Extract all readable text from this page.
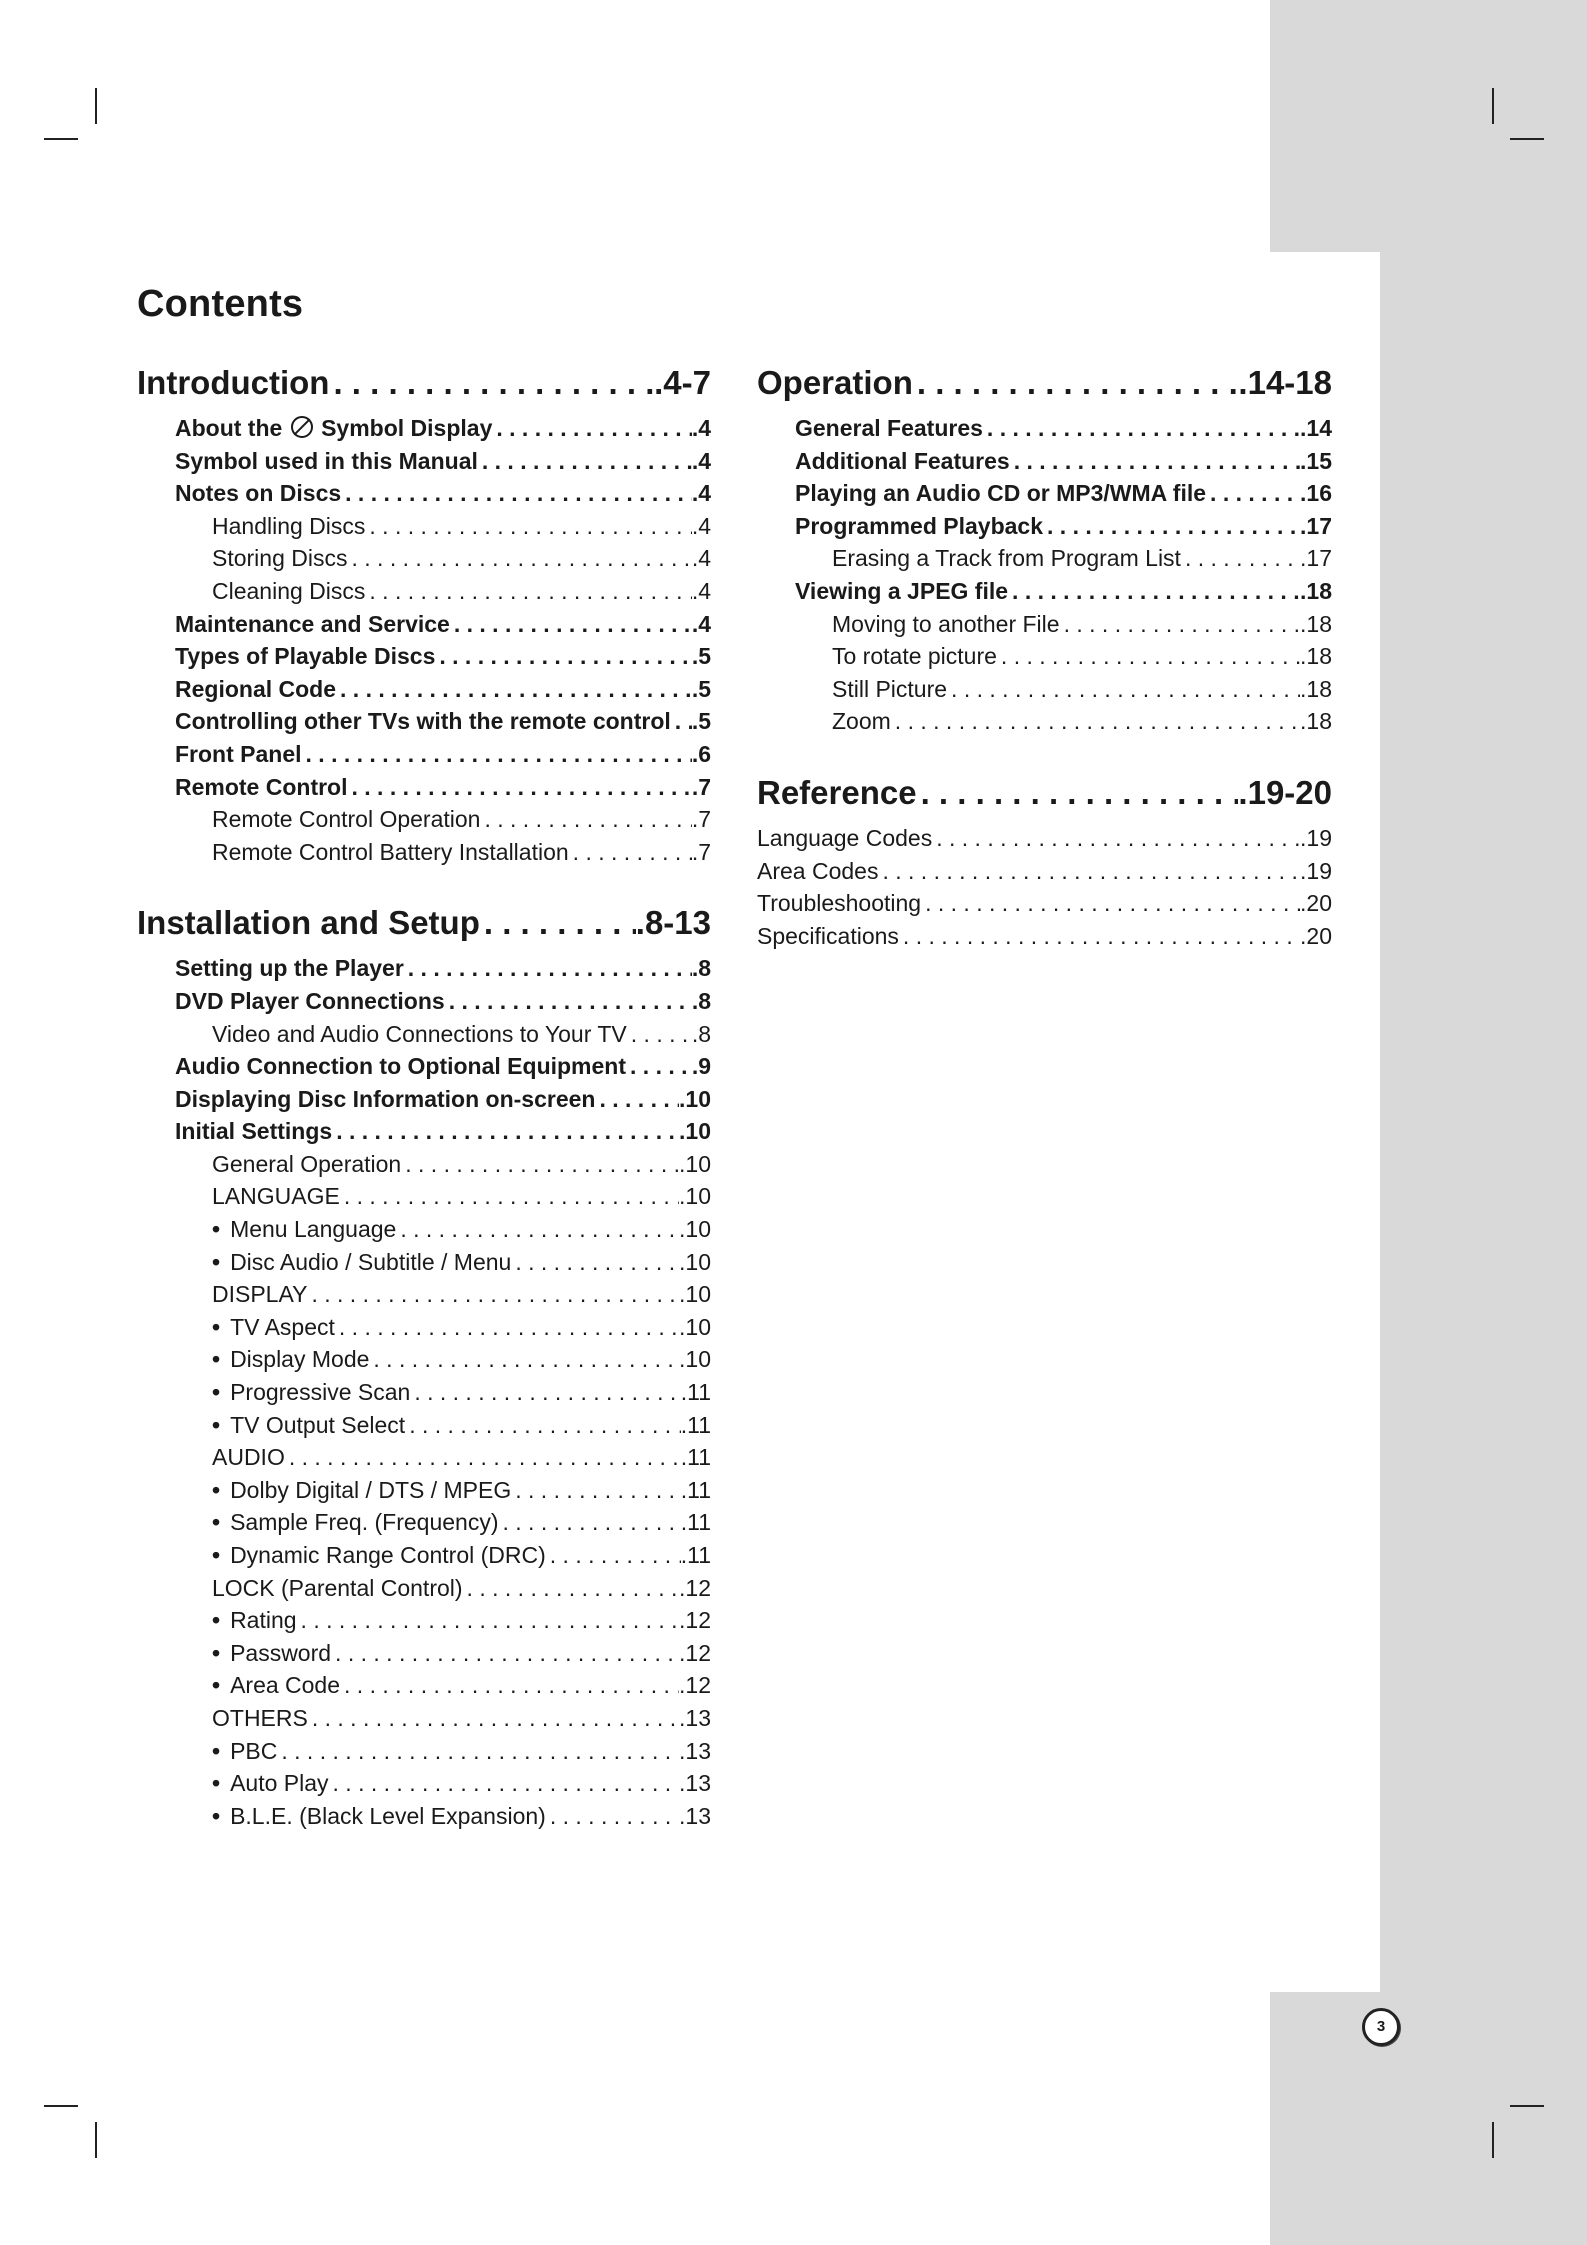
Contents
Introduction . . .	.4-7
About the  Symbol Display . . .	.4
Symbol used in this Manual . . .	.4
Notes on Discs . . .	.4
Handling Discs . . .	.4
Storing Discs . . .	.4
Cleaning Discs . . .	.4
Maintenance and Service . . .	.4
Types of Playable Discs . . .	.5
Regional Code . . .	.5
Controlling other TVs with the remote control . . . .5
Front Panel . . .	.6
Remote Control . . .	.7
Remote Control Operation . . .	.7
Remote Control Battery Installation . . .	.7
Installation and Setup . . .	.8-13
Setting up the Player . . .	.8
DVD Player Connections . . .	.8
Video and Audio Connections to Your TV . . .	.8
Audio Connection to Optional Equipment . . .	.9
Displaying Disc Information on-screen . . .	.10
Initial Settings . . .	.10
General Operation . . .	.10
LANGUAGE . . .	.10
• Menu Language . . .	.10
• Disc Audio / Subtitle / Menu . . .	.10
DISPLAY . . .	.10
• TV Aspect . . .	.10
• Display Mode . . .	.10
• Progressive Scan . . .	.11
• TV Output Select . . .	.11
AUDIO . . .	.11
• Dolby Digital / DTS / MPEG . . .	.11
• Sample Freq. (Frequency) . . .	.11
• Dynamic Range Control (DRC) . . .	.11
LOCK (Parental Control) . . .	.12
• Rating . . .	.12
• Password . . .	.12
• Area Code . . .	.12
OTHERS . . .	.13
• PBC . . .	.13
• Auto Play . . .	.13
• B.L.E. (Black Level Expansion) . . .	.13
Operation . . .	.14-18
General Features . . .	.14
Additional Features . . .	.15
Playing an Audio CD or MP3/WMA file . . .	.16
Programmed Playback . . .	.17
Erasing a Track from Program List . . .	.17
Viewing a JPEG file . . .	.18
Moving to another File . . .	.18
To rotate picture . . .	.18
Still Picture . . .	.18
Zoom . . .	.18
Reference . . .	.19-20
Language Codes . . .	.19
Area Codes . . .	.19
Troubleshooting . . .	.20
Specifications . . .	.20
3
